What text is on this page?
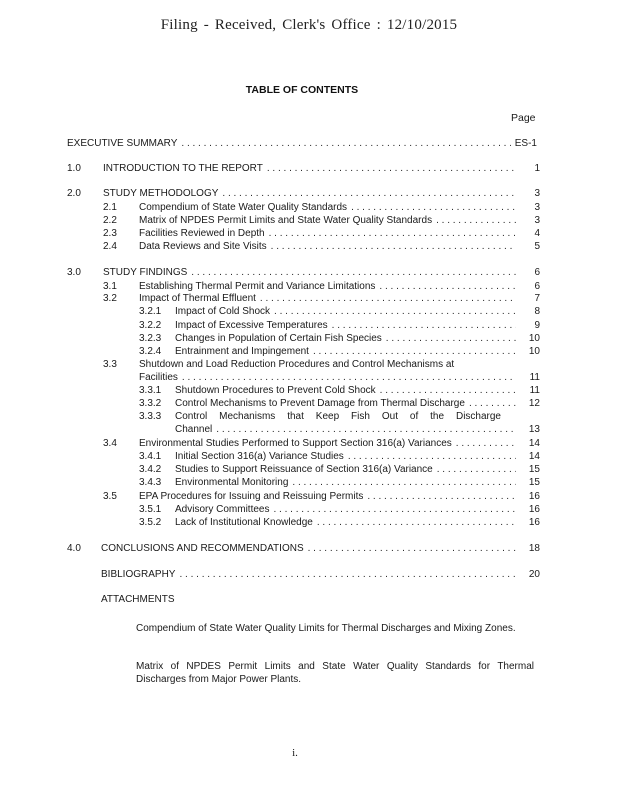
Filing - Received, Clerk's Office : 12/10/2015
TABLE OF CONTENTS
Page
EXECUTIVE SUMMARY . . .	ES-1
1.0 INTRODUCTION TO THE REPORT . . .	1
2.0 STUDY METHODOLOGY . . .	3
2.1 Compendium of State Water Quality Standards . . .	3
2.2 Matrix of NPDES Permit Limits and State Water Quality Standards . . .	3
2.3 Facilities Reviewed in Depth . . .	4
2.4 Data Reviews and Site Visits . . .	5
3.0 STUDY FINDINGS . . .	6
3.1 Establishing Thermal Permit and Variance Limitations . . .	6
3.2 Impact of Thermal Effluent . . .	7
3.2.1 Impact of Cold Shock . . .	8
3.2.2 Impact of Excessive Temperatures . . .	9
3.2.3 Changes in Population of Certain Fish Species . . .	10
3.2.4 Entrainment and Impingement . . .	10
3.3 Shutdown and Load Reduction Procedures and Control Mechanisms at
Facilities . . .	11
3.3.1 Shutdown Procedures to Prevent Cold Shock . . .	11
3.3.2 Control Mechanisms to Prevent Damage from Thermal Discharge . . .	12
3.3.3 Control Mechanisms that Keep Fish Out of the Discharge
Channel . . .	13
3.4 Environmental Studies Performed to Support Section 316(a) Variances . . .	14
3.4.1 Initial Section 316(a) Variance Studies . . .	14
3.4.2 Studies to Support Reissuance of Section 316(a) Variance . . .	15
3.4.3 Environmental Monitoring . . .	15
3.5 EPA Procedures for Issuing and Reissuing Permits . . .	16
3.5.1 Advisory Committees . . .	16
3.5.2 Lack of Institutional Knowledge . . .	16
4.0 CONCLUSIONS AND RECOMMENDATIONS . . .	18
BIBLIOGRAPHY . . .	20
ATTACHMENTS
Compendium of State Water Quality Limits for Thermal Discharges and Mixing Zones.
Matrix of NPDES Permit Limits and State Water Quality Standards for Thermal Discharges from Major Power Plants.
i.
